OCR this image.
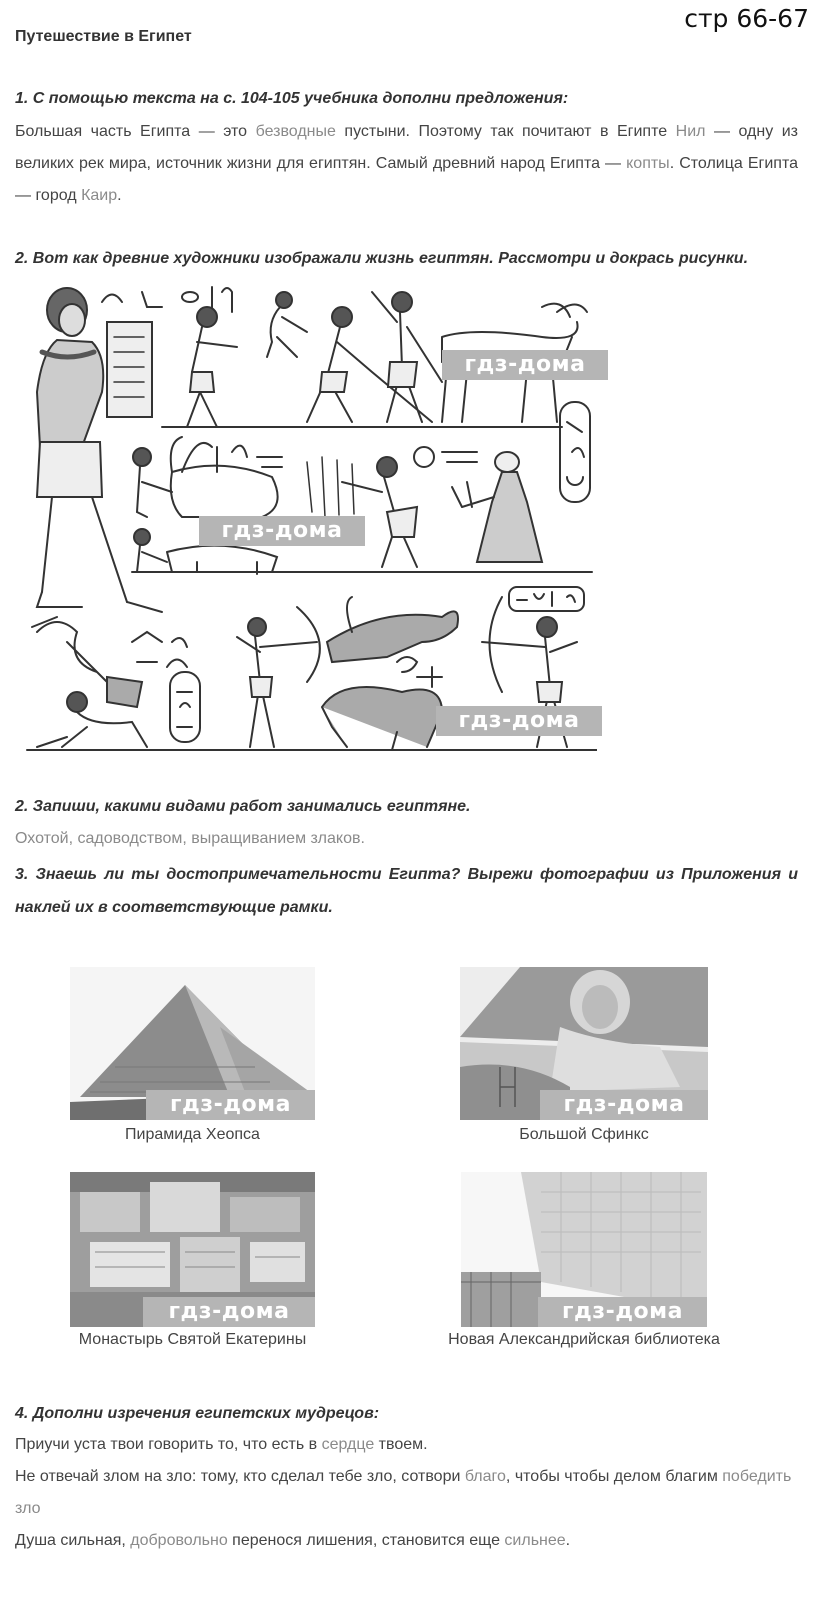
стр 66-67
Путешествие в Египет
1. С помощью текста на с. 104-105 учебника дополни предложения:
Большая часть Египта — это безводные пустыни. Поэтому так почитают в Египте Нил — одну из великих рек мира, источник жизни для египтян. Самый древний народ Египта — копты. Столица Египта — город Каир.
2. Вот как древние художники изображали жизнь египтян. Рассмотри и докрась рисунки.
гдз-дома
гдз-дома
гдз-дома
2. Запиши, какими видами работ занимались египтяне.
Охотой, садоводством, выращиванием злаков.
3. Знаешь ли ты достопримечательности Египта? Вырежи фотографии из Приложения и наклей их в соответствующие рамки.
гдз-дома
Пирамида Хеопса
гдз-дома
Большой Сфинкс
гдз-дома
Монастырь Святой Екатерины
гдз-дома
Новая Александрийская библиотека
4. Дополни изречения египетских мудрецов:
Приучи уста твои говорить то, что есть в сердце твоем.
Не отвечай злом на зло: тому, кто сделал тебе зло, сотвори благо, чтобы чтобы делом благим победить зло
Душа сильная, добровольно перенося лишения, становится еще сильнее.
